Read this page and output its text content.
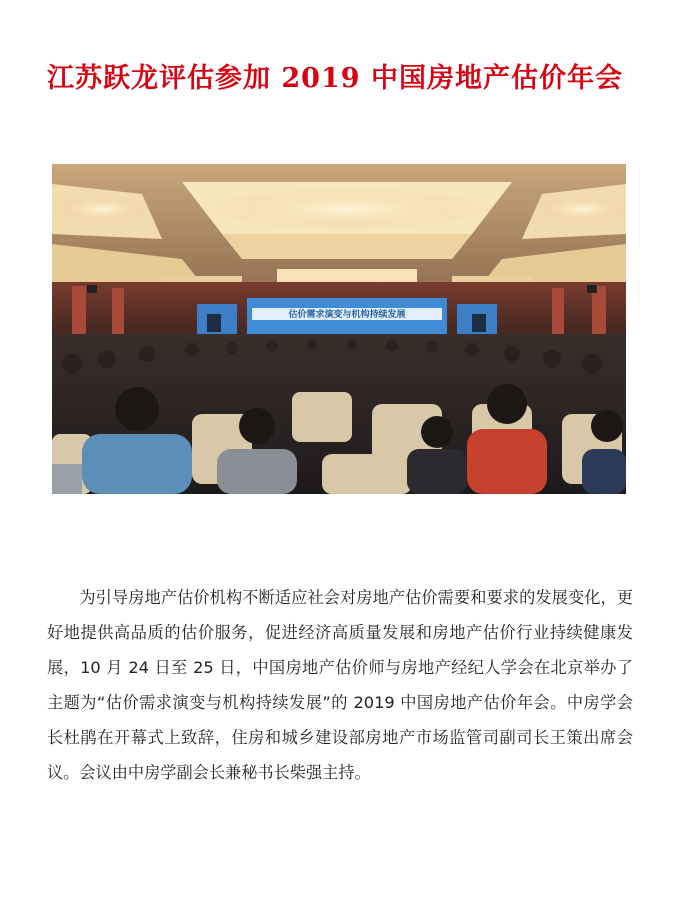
江苏跃龙评估参加 2019 中国房地产估价年会
估价需求演变与机构持续发展

为引导房地产估价机构不断适应社会对房地产估价需要和要求的发展变化，更好地提供高品质的估价服务，促进经济高质量发展和房地产估价行业持续健康发展，10 月 24 日至 25 日，中国房地产估价师与房地产经纪人学会在北京举办了主题为“估价需求演变与机构持续发展”的 2019 中国房地产估价年会。中房学会长杜鹃在开幕式上致辞，住房和城乡建设部房地产市场监管司副司长王策出席会议。会议由中房学副会长兼秘书长柴强主持。
